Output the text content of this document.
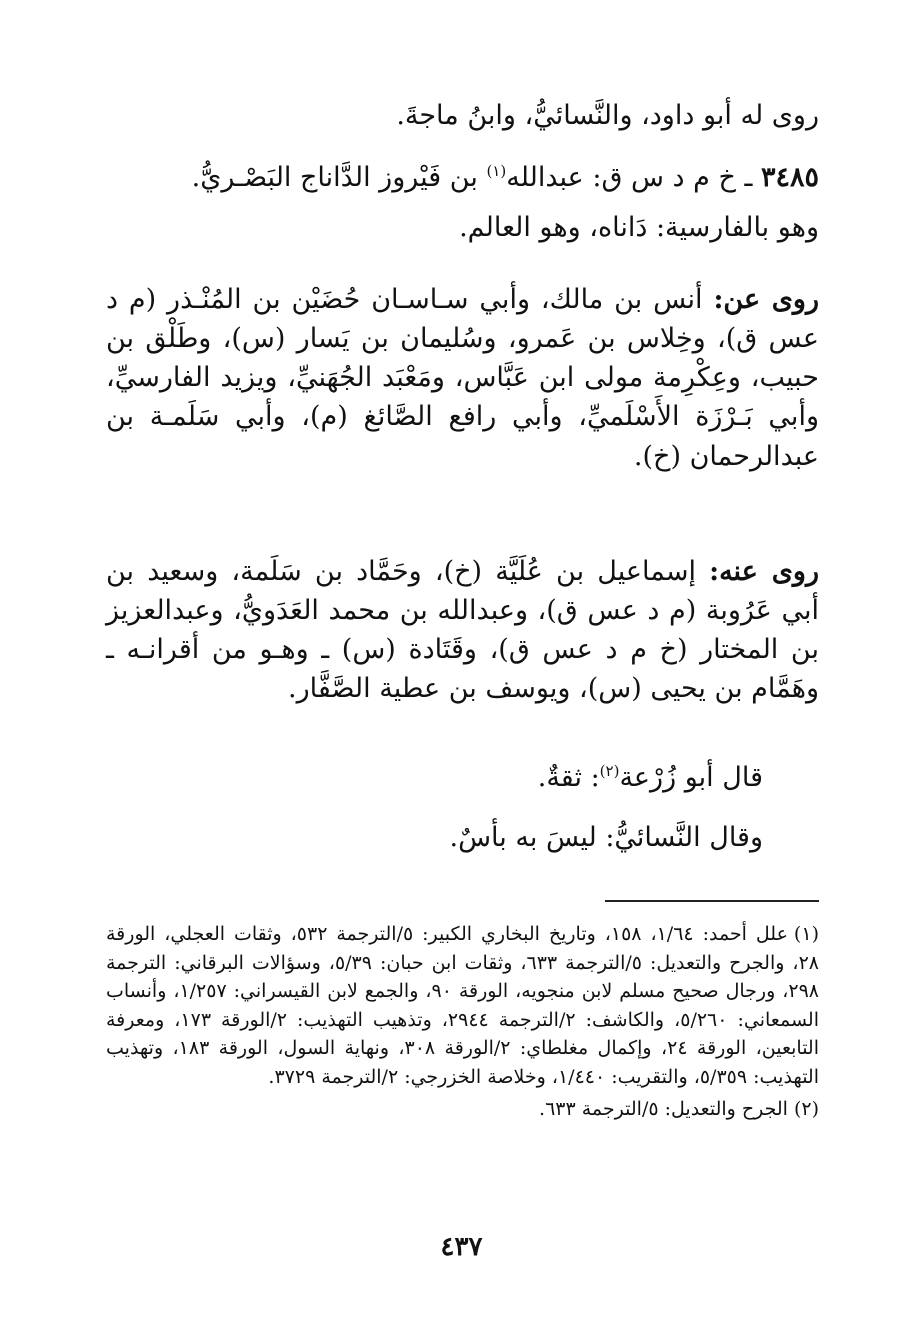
روى له أبو داود، والنَّسائيُّ، وابنُ ماجةَ.

٣٤٨٥ ـ خ م د س ق: عبدالله$^{(١)}$ بن فَيْروز الدَّاناج البَصْـريُّ.

وهو بالفارسية: دَاناه، وهو العالم.

روى عن: أنس بن مالك، وأبي سـاسـان حُضَيْن بن المُنْـذر (م د عس ق)، وخِلاس بن عَمرو، وسُليمان بن يَسار (س)، وطَلْق بن حبيب، وعِكْرِمة مولى ابن عَبَّاس، ومَعْبَد الجُهَنيِّ، ويزيد الفارسيِّ، وأبي بَـرْزَة الأَسْلَميِّ، وأبي رافع الصَّائغ (م)، وأبي سَلَمـة بن عبدالرحمان (خ).

روى عنه: إسماعيل بن عُلَيَّة (خ)، وحَمَّاد بن سَلَمة، وسعيد بن أبي عَرُوبة (م د عس ق)، وعبدالله بن محمد العَدَويُّ، وعبدالعزيز بن المختار (خ م د عس ق)، وقَتَادة (س) ـ وهـو من أقرانـه ـ وهَمَّام بن يحيى (س)، ويوسف بن عطية الصَّفَّار.

قال أبو زُرْعة$^{(٢)}$: ثقةٌ.

وقال النَّسائيُّ: ليسَ به بأسٌ.

(١)علل أحمد: ١/٦٤، ١٥٨، وتاريخ البخاري الكبير: ٥/الترجمة ٥٣٢، وثقات العجلي، الورقة ٢٨، والجرح والتعديل: ٥/الترجمة ٦٣٣، وثقات ابن حبان: ٥/٣٩، وسؤالات البرقاني: الترجمة ٢٩٨، ورجال صحيح مسلم لابن منجويه، الورقة ٩٠، والجمع لابن القيسراني: ١/٢٥٧، وأنساب السمعاني: ٥/٢٦٠، والكاشف: ٢/الترجمة ٢٩٤٤، وتذهيب التهذيب: ٢/الورقة ١٧٣، ومعرفة التابعين، الورقة ٢٤، وإكمال مغلطاي: ٢/الورقة ٣٠٨، ونهاية السول، الورقة ١٨٣، وتهذيب التهذيب: ٥/٣٥٩، والتقريب: ١/٤٤٠، وخلاصة الخزرجي: ٢/الترجمة ٣٧٢٩.

(٢)الجرح والتعديل: ٥/الترجمة ٦٣٣.

٤٣٧
